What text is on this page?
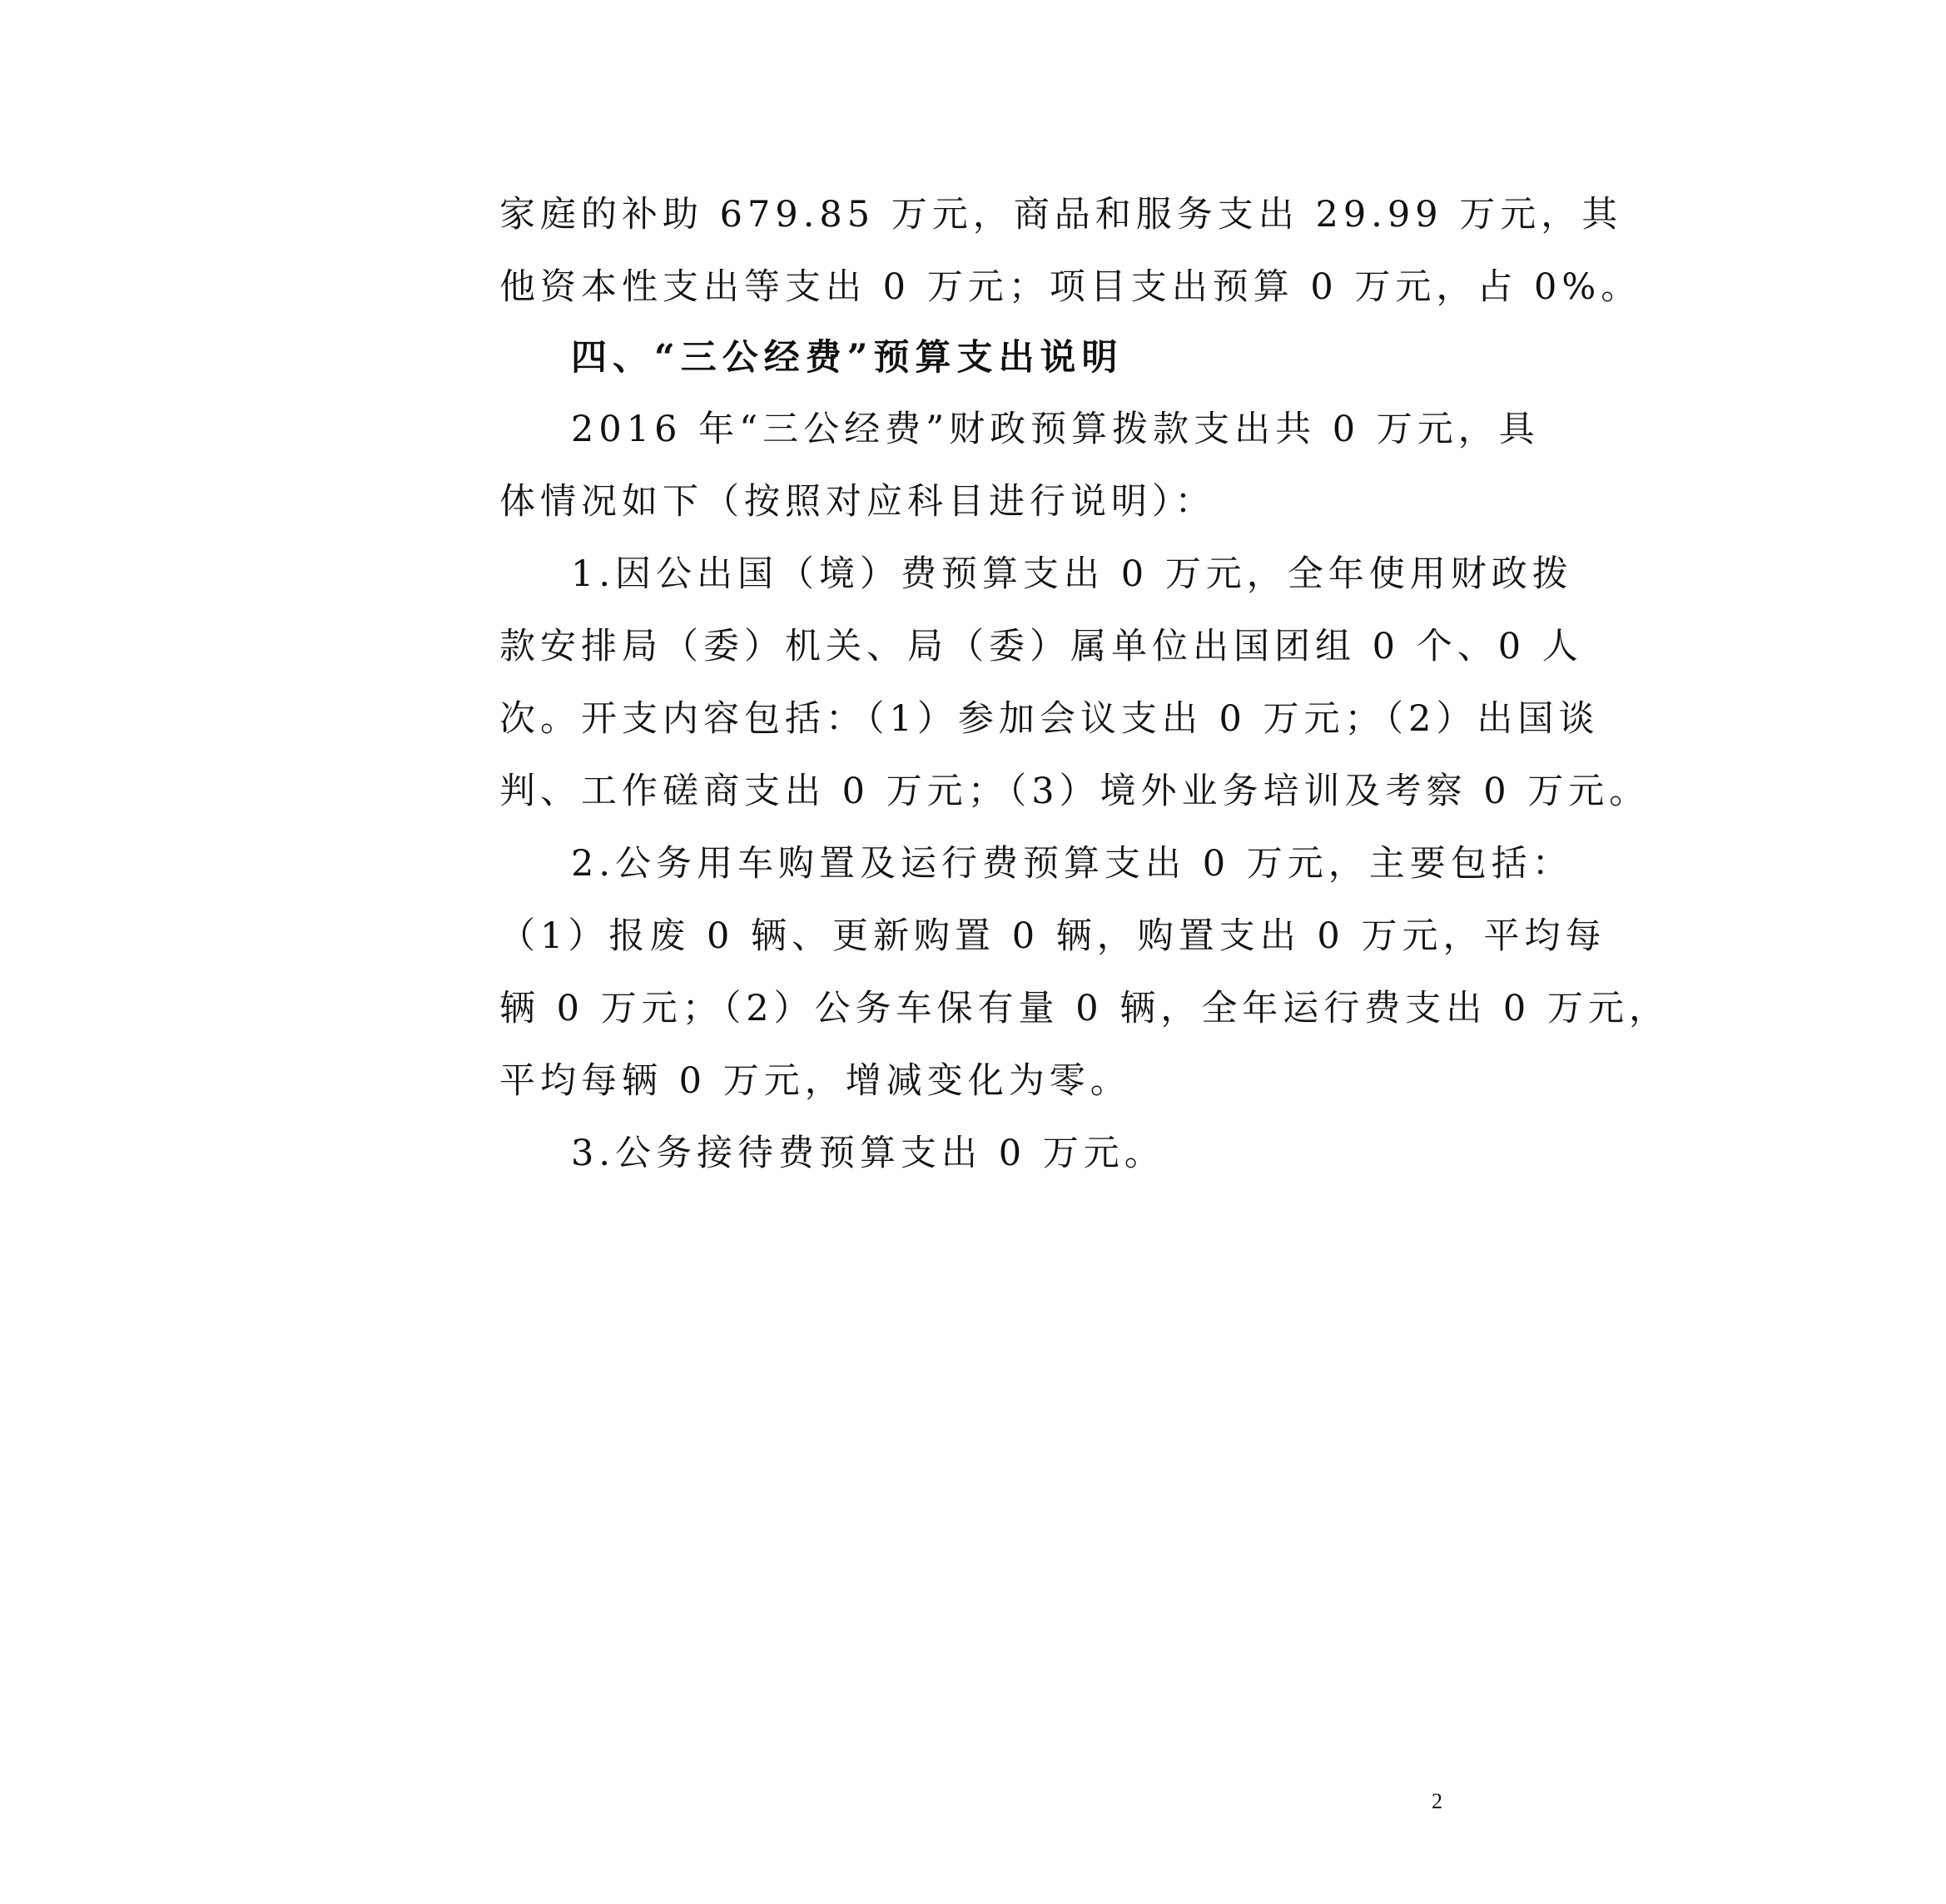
家庭的补助 679.85 万元，商品和服务支出 29.99 万元，其
他资本性支出等支出 0 万元；项目支出预算 0 万元，占 0%。
四、“三公经费”预算支出说明
2016 年“三公经费”财政预算拨款支出共 0 万元，具
体情况如下（按照对应科目进行说明）：
1.因公出国（境）费预算支出 0 万元，全年使用财政拨
款安排局（委）机关、局（委）属单位出国团组 0 个、0 人
次。开支内容包括：（1）参加会议支出 0 万元；（2）出国谈
判、工作磋商支出 0 万元；（3）境外业务培训及考察 0 万元。
2.公务用车购置及运行费预算支出 0 万元，主要包括：
（1）报废 0 辆、更新购置 0 辆，购置支出 0 万元，平均每
辆 0 万元；（2）公务车保有量 0 辆，全年运行费支出 0 万元，
平均每辆 0 万元，增减变化为零。
3.公务接待费预算支出 0 万元。
2
